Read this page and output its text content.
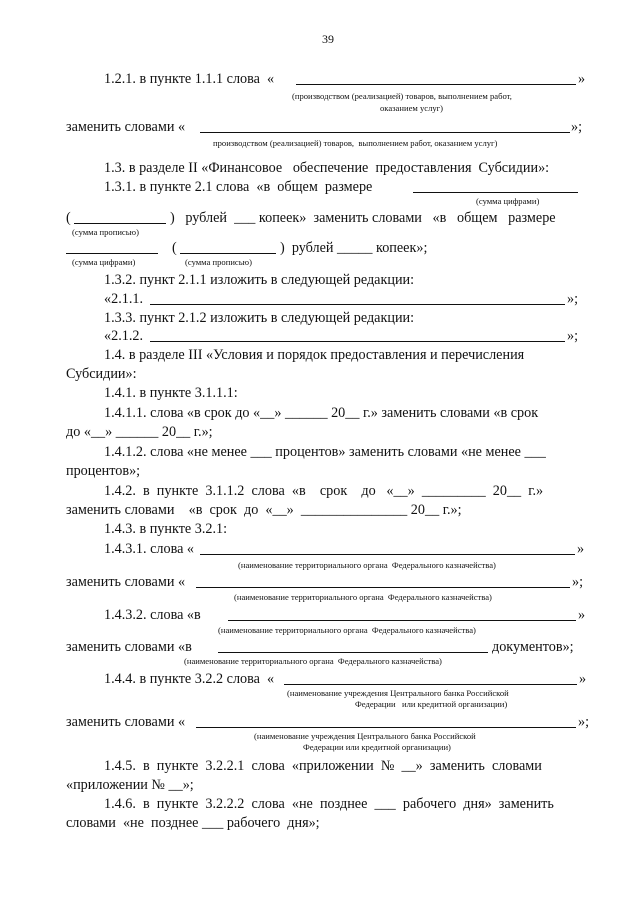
39
1.2.1. в пункте 1.1.1 слова  «	»
(производством (реализацией) товаров, выполнением работ,
оказанием услуг)
заменить словами «	»;
производством (реализацией) товаров,  выполнением работ, оказанием услуг)
1.3. в разделе II «Финансовое   обеспечение  предоставления  Субсидии»:
1.3.1. в пункте 2.1 слова  «в  общем  размере
(сумма цифрами)
(	)   рублей  ___ копеек»  заменить словами   «в   общем   размере
(сумма прописью)
(	)  рублей _____ копеек»;
(сумма цифрами)	(сумма прописью)
1.3.2. пункт 2.1.1 изложить в следующей редакции:
«2.1.1.	»;
1.3.3. пункт 2.1.2 изложить в следующей редакции:
«2.1.2.	»;
1.4. в разделе III «Условия и порядок предоставления и перечисления
Субсидии»:
1.4.1. в пункте 3.1.1.1:
1.4.1.1. слова «в срок до «__» ______ 20__ г.» заменить словами «в срок
до «__» ______ 20__ г.»;
1.4.1.2. слова «не менее ___ процентов» заменить словами «не менее ___
процентов»;
1.4.2.  в  пункте  3.1.1.2  слова  «в    срок    до   «__»  _________  20__  г.»
заменить словами    «в  срок  до  «__»  _______________ 20__ г.»;
1.4.3. в пункте 3.2.1:
1.4.3.1. слова «	»
(наименование территориального органа  Федерального казначейства)
заменить словами «	»;
(наименование территориального органа  Федерального казначейства)
1.4.3.2. слова «в	»
(наименование территориального органа  Федерального казначейства)
заменить словами «в	документов»;
(наименование территориального органа  Федерального казначейства)
1.4.4. в пункте 3.2.2 слова  «	»
(наименование учреждения Центрального банка Российской
Федерации   или кредитной организации)
заменить словами «	»;
(наименование учреждения Центрального банка Российской
Федерации или кредитной организации)
1.4.5.  в  пункте  3.2.2.1  слова  «приложении  №  __»  заменить  словами
«приложении № __»;
1.4.6.  в  пункте  3.2.2.2  слова  «не  позднее  ___  рабочего  дня»  заменить
словами  «не  позднее ___ рабочего  дня»;
